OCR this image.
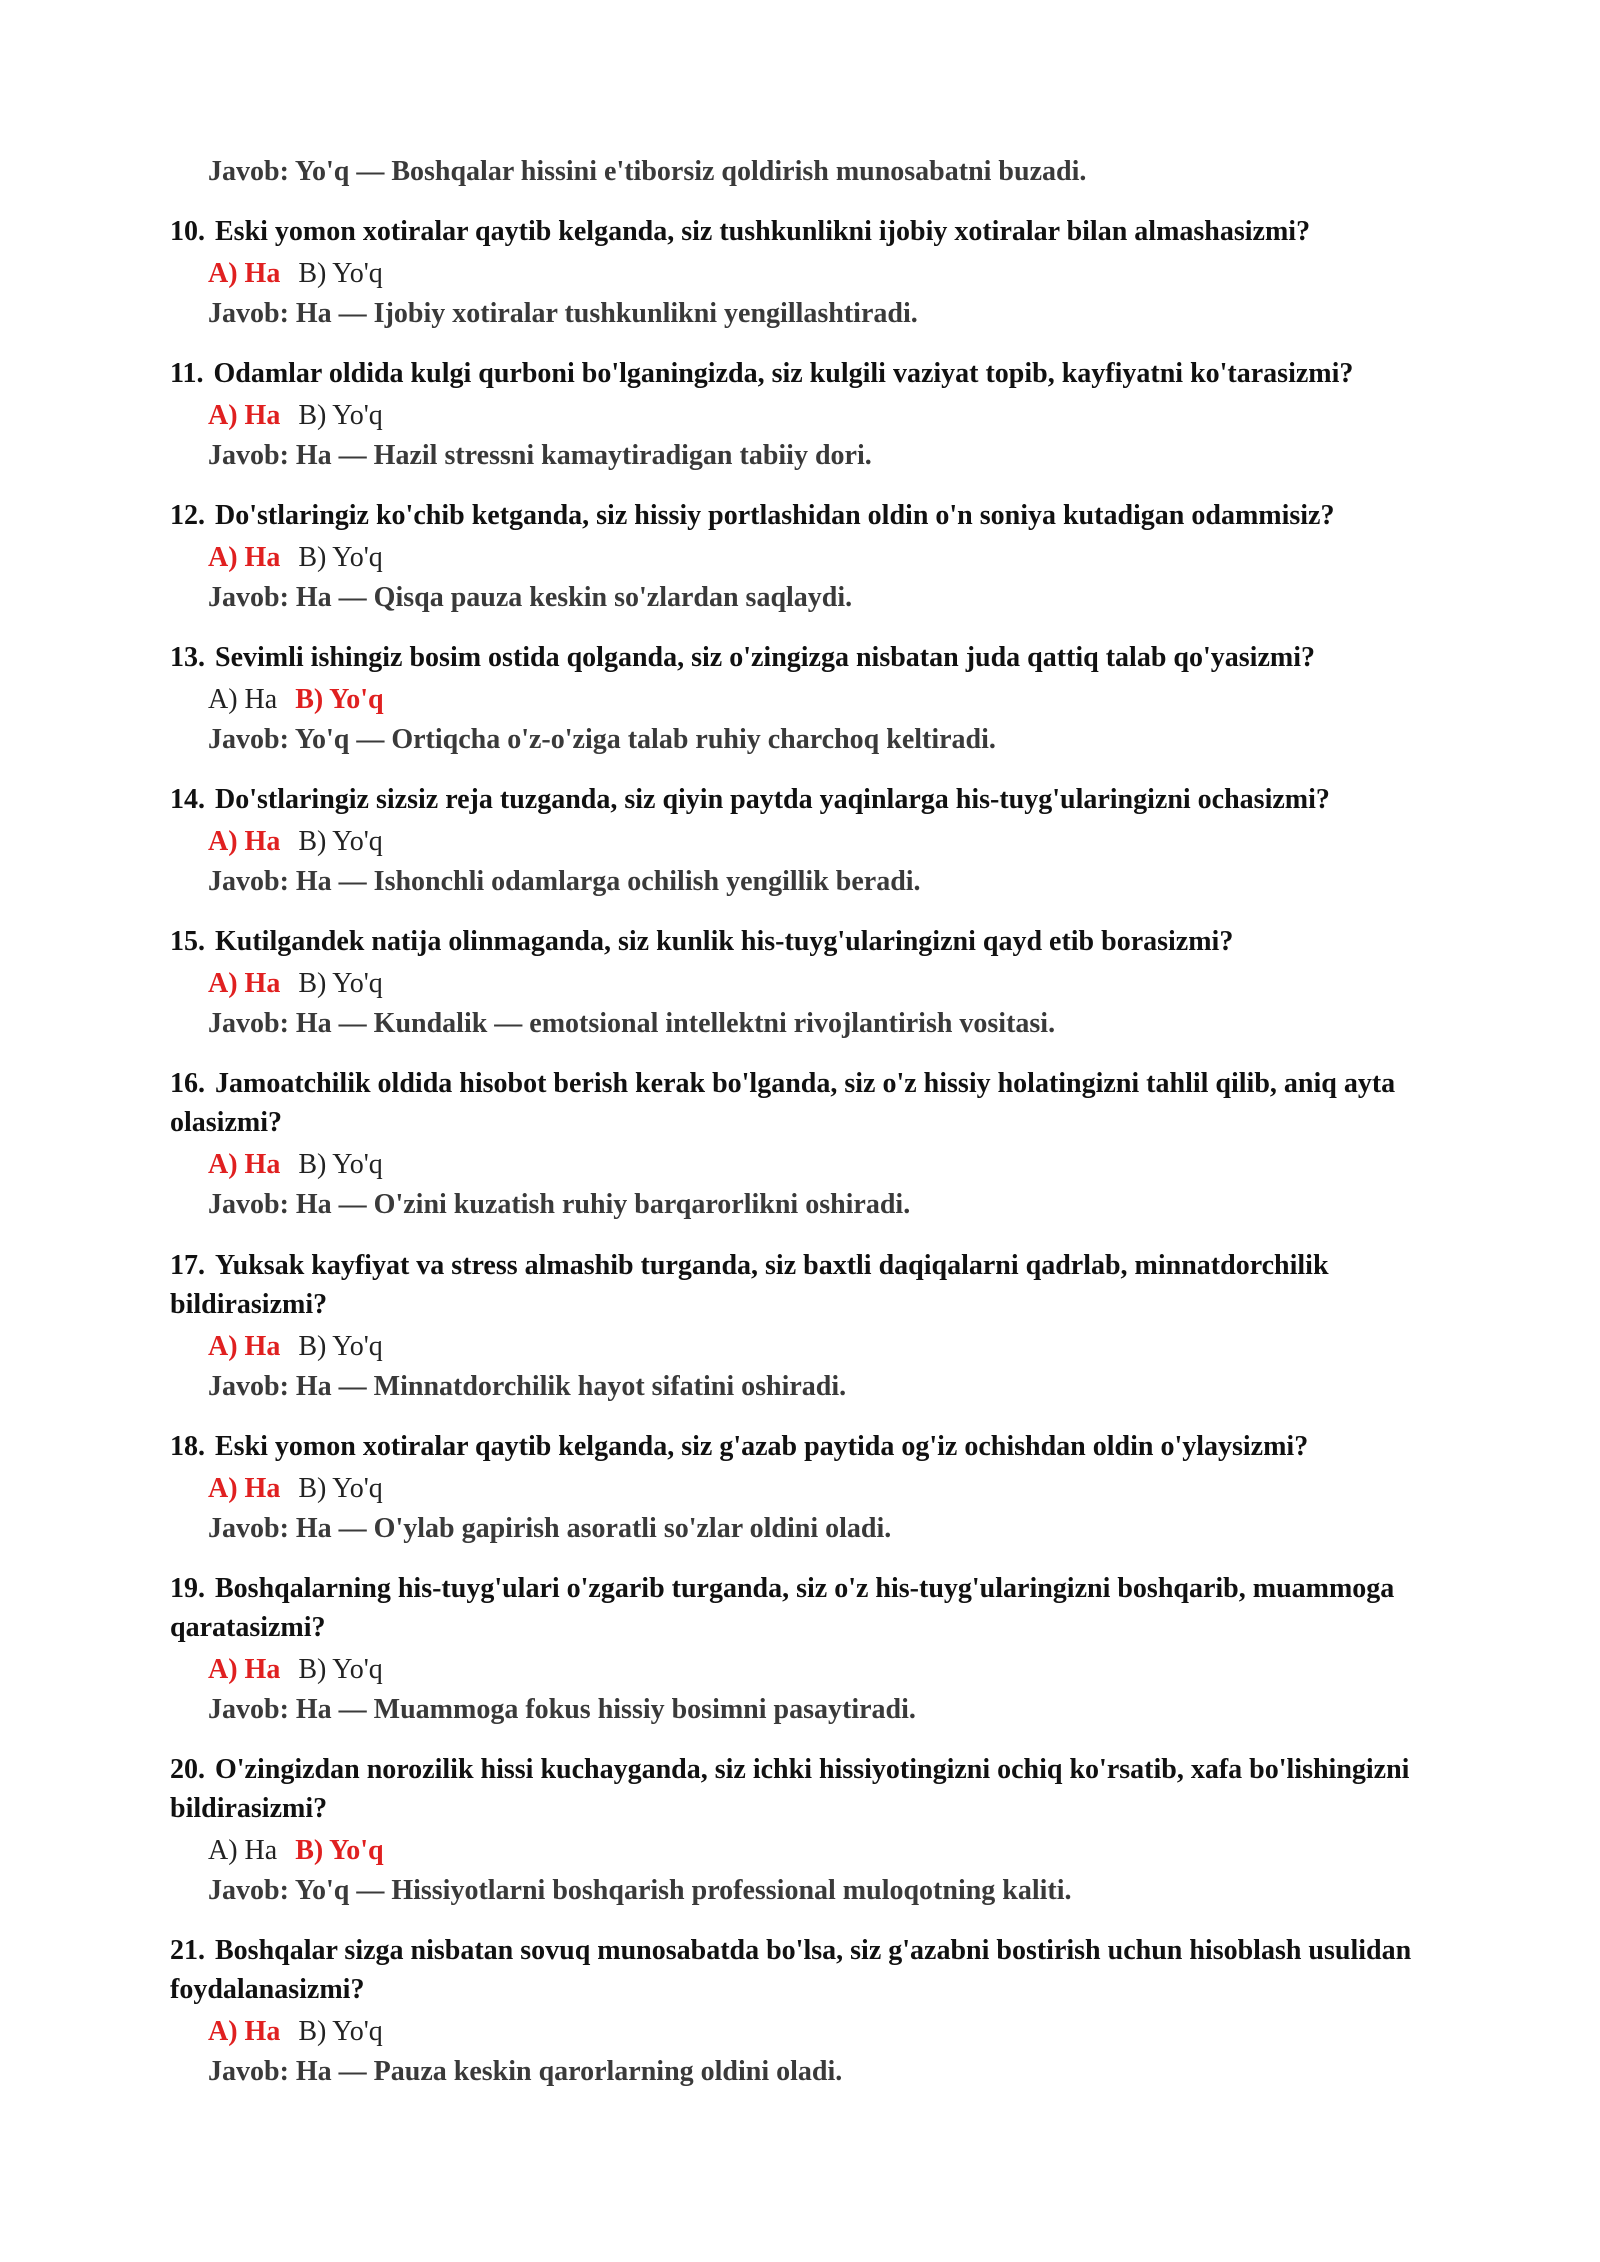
Javob: Yo'q — Boshqalar hissini e'tiborsiz qoldirish munosabatni buzadi.
10. Eski yomon xotiralar qaytib kelganda, siz tushkunlikni ijobiy xotiralar bilan almashasizmi?
A) Ha B) Yo'q
Javob: Ha — Ijobiy xotiralar tushkunlikni yengillashtiradi.
11. Odamlar oldida kulgi qurboni bo'lganingizda, siz kulgili vaziyat topib, kayfiyatni ko'tarasizmi?
A) Ha B) Yo'q
Javob: Ha — Hazil stressni kamaytiradigan tabiiy dori.
12. Do'stlaringiz ko'chib ketganda, siz hissiy portlashidan oldin o'n soniya kutadigan odammisiz?
A) Ha B) Yo'q
Javob: Ha — Qisqa pauza keskin so'zlardan saqlaydi.
13. Sevimli ishingiz bosim ostida qolganda, siz o'zingizga nisbatan juda qattiq talab qo'yasizmi?
A) Ha B) Yo'q
Javob: Yo'q — Ortiqcha o'z-o'ziga talab ruhiy charchoq keltiradi.
14. Do'stlaringiz sizsiz reja tuzganda, siz qiyin paytda yaqinlarga his-tuyg'ularingizni ochasizmi?
A) Ha B) Yo'q
Javob: Ha — Ishonchli odamlarga ochilish yengillik beradi.
15. Kutilgandek natija olinmaganda, siz kunlik his-tuyg'ularingizni qayd etib borasizmi?
A) Ha B) Yo'q
Javob: Ha — Kundalik — emotsional intellektni rivojlantirish vositasi.
16. Jamoatchilik oldida hisobot berish kerak bo'lganda, siz o'z hissiy holatingizni tahlil qilib, aniq ayta olasizmi?
A) Ha B) Yo'q
Javob: Ha — O'zini kuzatish ruhiy barqarorlikni oshiradi.
17. Yuksak kayfiyat va stress almashib turganda, siz baxtli daqiqalarni qadrlab, minnatdorchilik bildirasizmi?
A) Ha B) Yo'q
Javob: Ha — Minnatdorchilik hayot sifatini oshiradi.
18. Eski yomon xotiralar qaytib kelganda, siz g'azab paytida og'iz ochishdan oldin o'ylaysizmi?
A) Ha B) Yo'q
Javob: Ha — O'ylab gapirish asoratli so'zlar oldini oladi.
19. Boshqalarning his-tuyg'ulari o'zgarib turganda, siz o'z his-tuyg'ularingizni boshqarib, muammoga qaratasizmi?
A) Ha B) Yo'q
Javob: Ha — Muammoga fokus hissiy bosimni pasaytiradi.
20. O'zingizdan norozilik hissi kuchayganda, siz ichki hissiyotingizni ochiq ko'rsatib, xafa bo'lishingizni bildirasizmi?
A) Ha B) Yo'q
Javob: Yo'q — Hissiyotlarni boshqarish professional muloqotning kaliti.
21. Boshqalar sizga nisbatan sovuq munosabatda bo'lsa, siz g'azabni bostirish uchun hisoblash usulidan foydalanasizmi?
A) Ha B) Yo'q
Javob: Ha — Pauza keskin qarorlarning oldini oladi.
